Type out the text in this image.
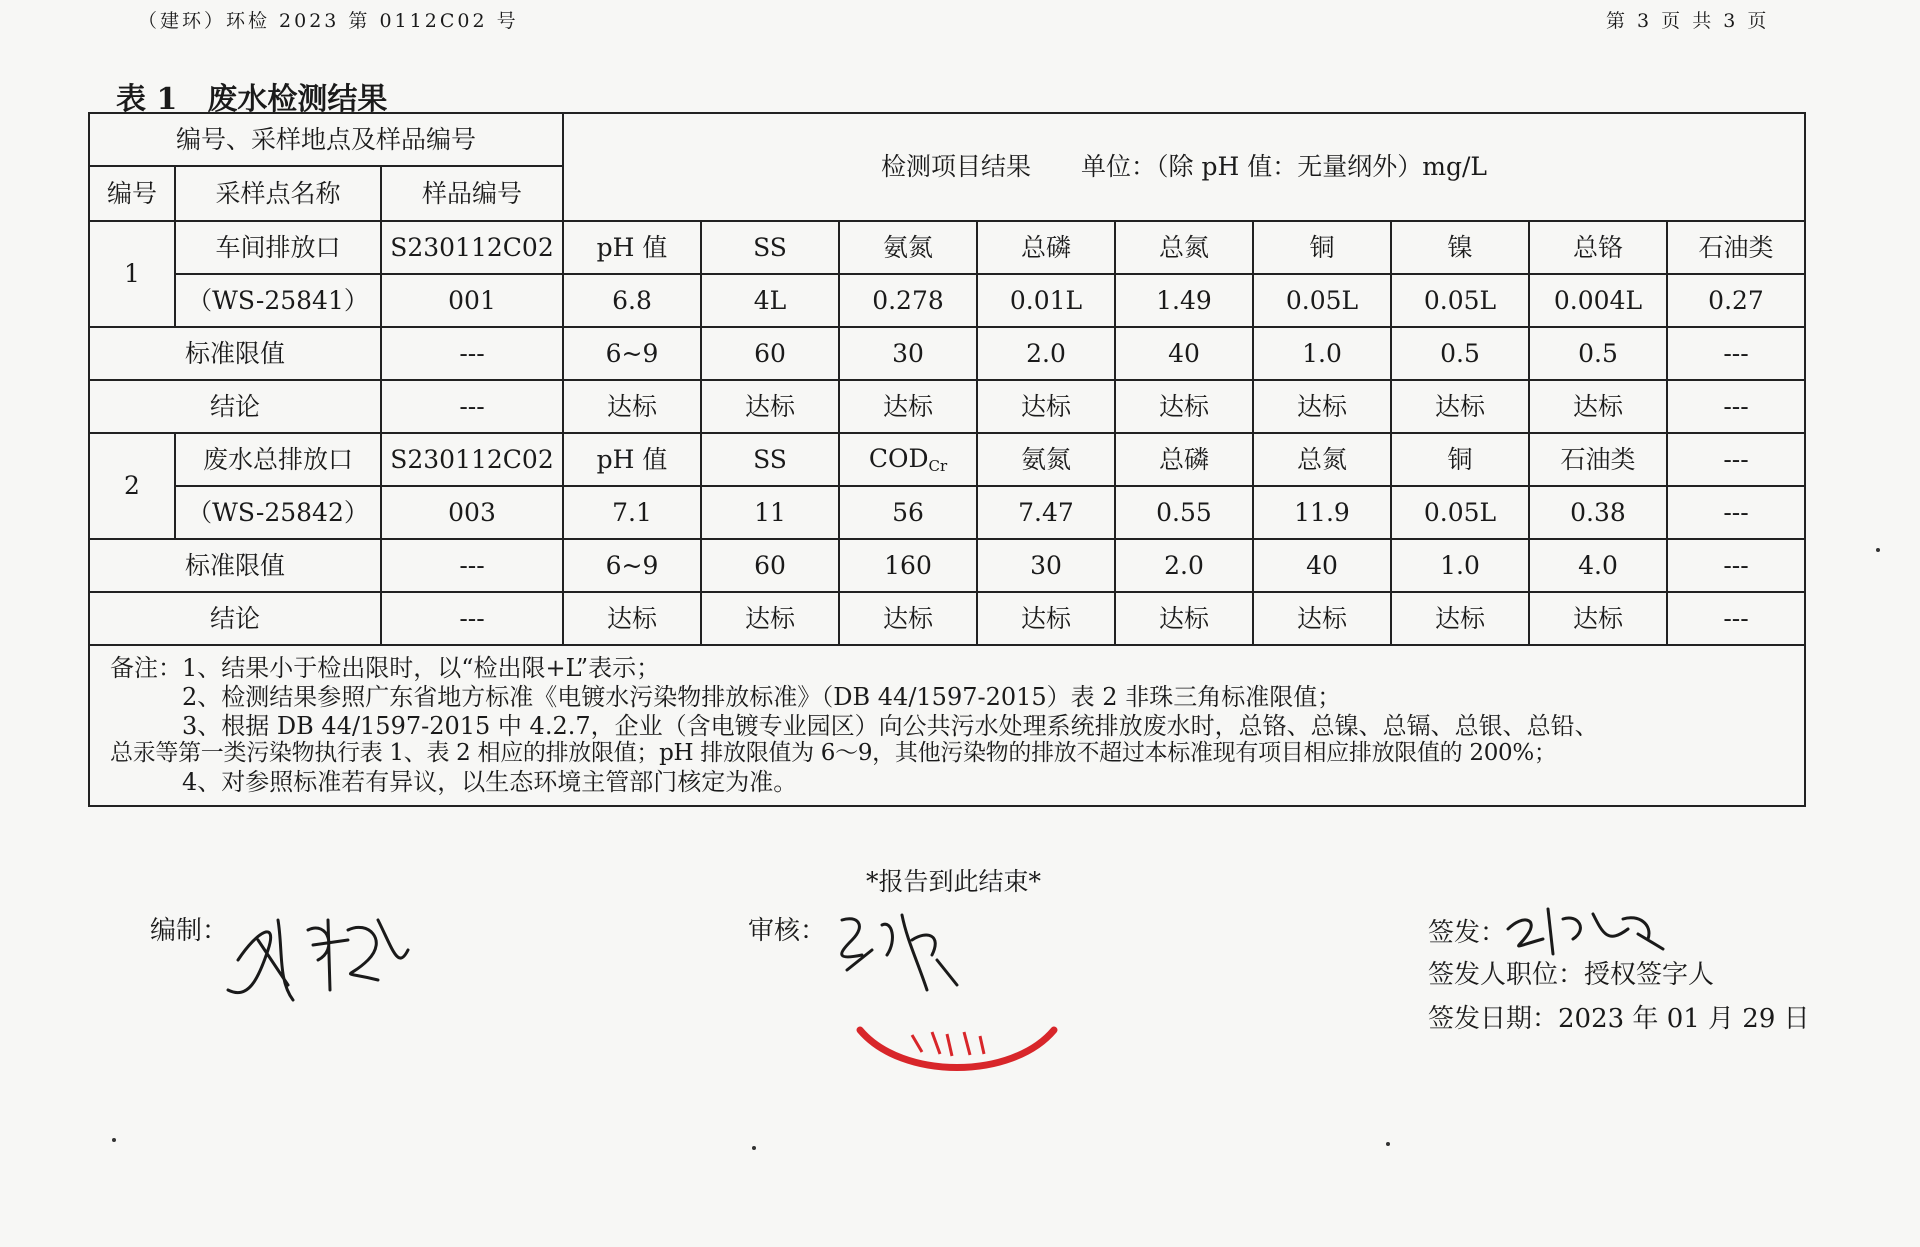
（建环）环检 2023 第 0112C02 号	第 3 页 共 3 页
表 1 废水检测结果
编号、采样地点及样品编号			检测项目结果　　单位：（除 pH 值：无量纲外）mg/L								
编号	采样点名称	样品编号									
1	车间排放口	S230112C02	pH 值	SS	氨氮	总磷	总氮	铜	镍	总铬	石油类
	（WS-25841）	001	6.8	4L	0.278	0.01L	1.49	0.05L	0.05L	0.004L	0.27
标准限值		---	6~9	60	30	2.0	40	1.0	0.5	0.5	---
结论		---	达标	达标	达标	达标	达标	达标	达标	达标	---
2	废水总排放口	S230112C02	pH 值	SS	CODCr	氨氮	总磷	总氮	铜	石油类	---
	（WS-25842）	003	7.1	11	56	7.47	0.55	11.9	0.05L	0.38	---
标准限值		---	6~9	60	160	30	2.0	40	1.0	4.0	---
结论		---	达标	达标	达标	达标	达标	达标	达标	达标	---

备注：1、结果小于检出限时，以“检出限+L”表示；

2、检测结果参照广东省地方标准《电镀水污染物排放标准》（DB 44/1597-2015）表 2 非珠三角标准限值；

3、根据 DB 44/1597-2015 中 4.2.7，企业（含电镀专业园区）向公共污水处理系统排放废水时，总铬、总镍、总镉、总银、总铅、

总汞等第一类污染物执行表 1、表 2 相应的排放限值；pH 排放限值为 6～9，其他污染物的排放不超过本标准现有项目相应排放限值的 200%；

4、对参照标准若有异议，以生态环境主管部门核定为准。											

*报告到此结束*
编制：	审核：	签发：
签发人职位：授权签字人
签发日期：2023 年 01 月 29 日
